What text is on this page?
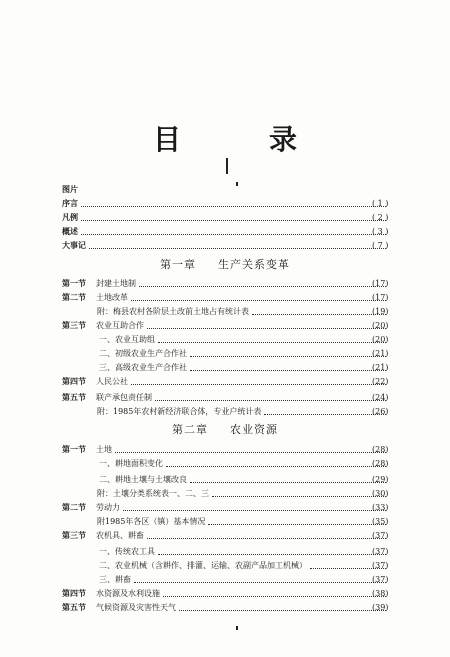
目　录
图片
序言	( 1 )
凡例	( 2 )
概述	( 3 )
大事记	( 7 )
第一章 生产关系变革
第一节 封建土地制	(17)
第二节 土地改革	(17)
附：梅县农村各阶层土改前土地占有统计表	(19)
第三节 农业互助合作	(20)
一、农业互助组	(20)
二、初级农业生产合作社	(21)
三、高级农业生产合作社	(21)
第四节 人民公社	(22)
第五节 联产承包责任制	(24)
附：1985年农村新经济联合体，专业户统计表	(26)
第二章 农业资源
第一节 土地	(28)
一、耕地面积变化	(28)
二、耕地土壤与土壤改良	(29)
附：土壤分类系统表一、二、三	(30)
第二节 劳动力	(33)
附1985年各区（镇）基本情况	(35)
第三节 农机具、耕畜	(37)
一、传统农工具	(37)
二、农业机械（含耕作、排灌、运输、农副产品加工机械）	(37)
三、耕畜	(37)
第四节 水资源及水利设施	(38)
第五节 气候资源及灾害性天气	(39)
